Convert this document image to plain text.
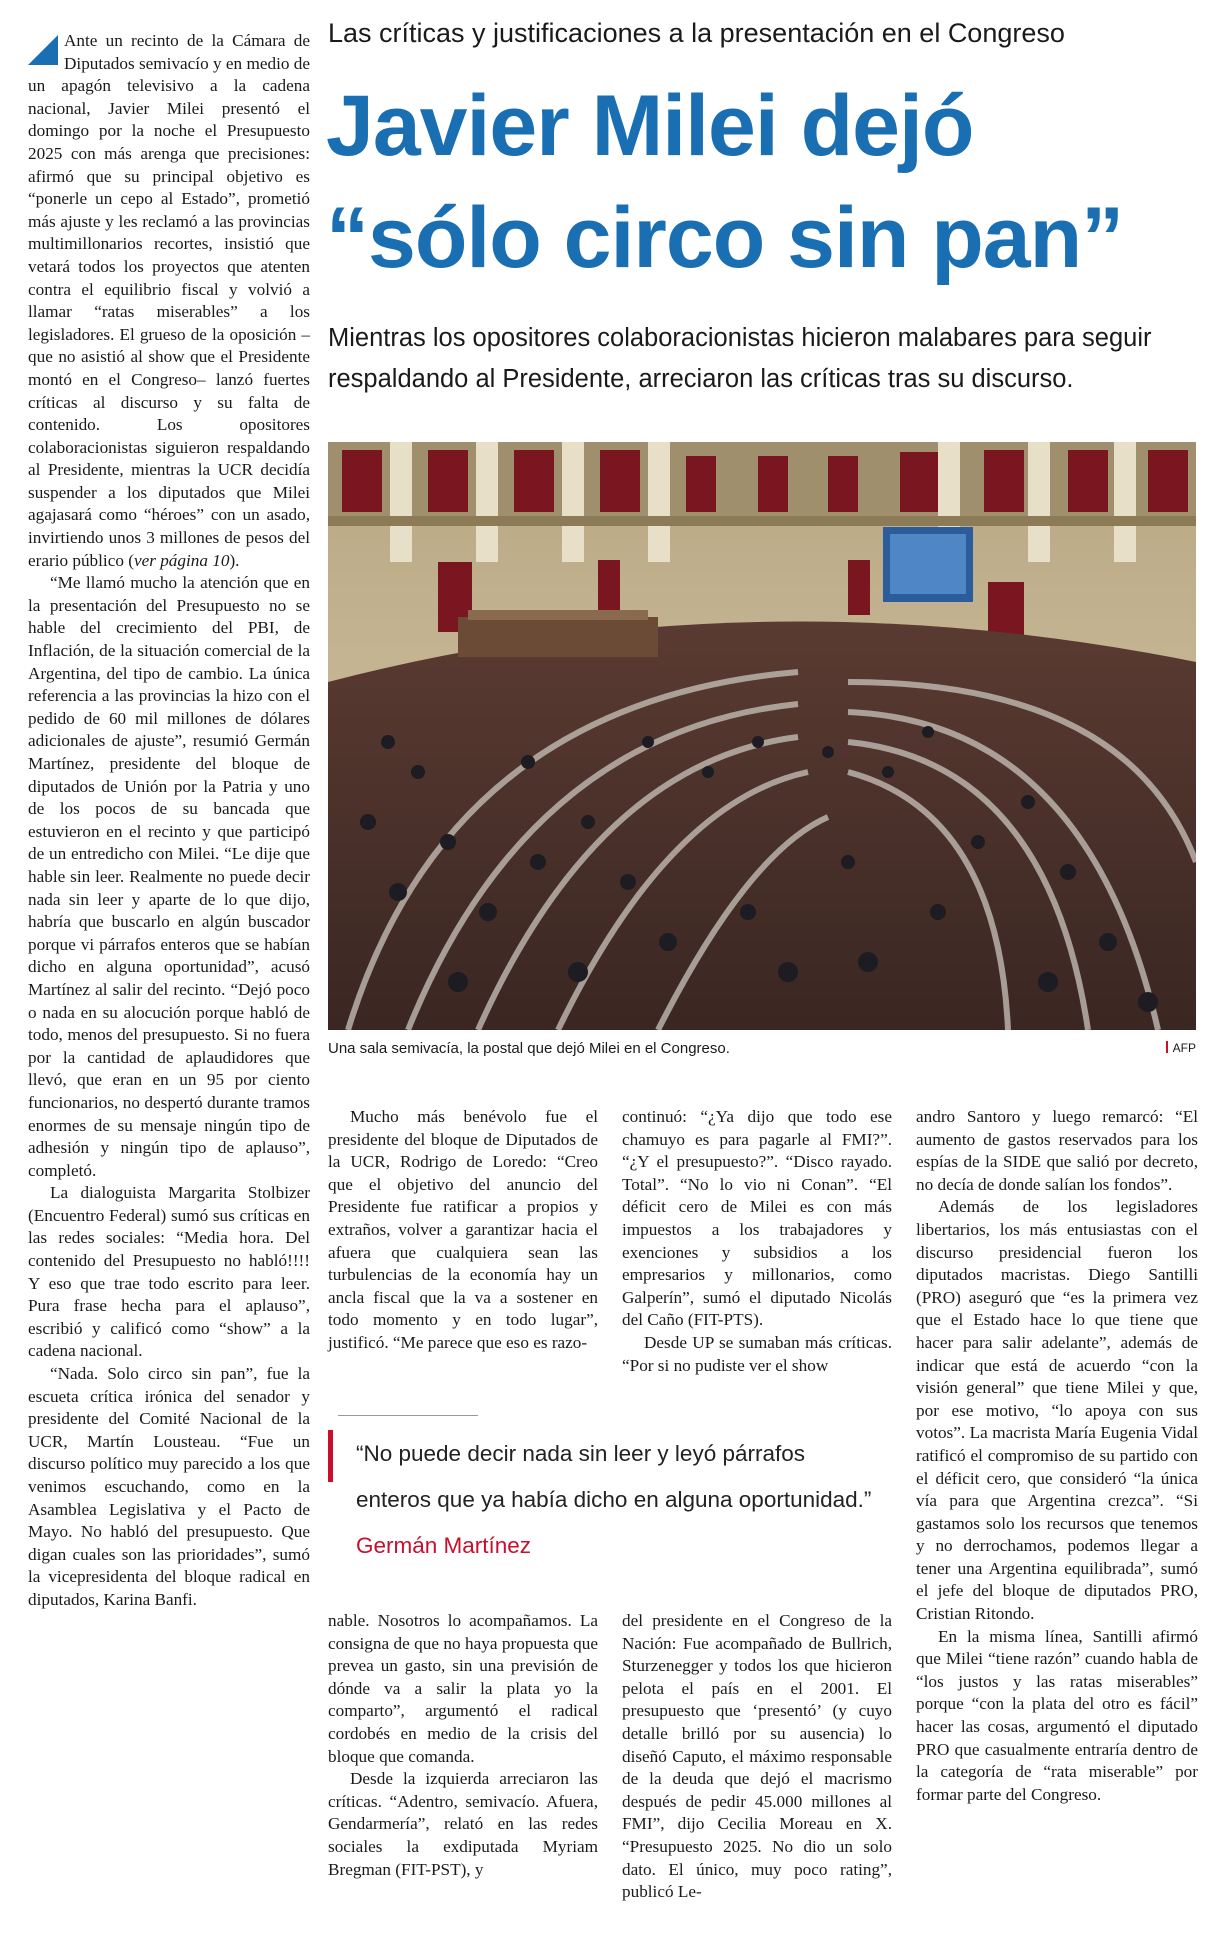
Ante un recinto de la Cámara de Diputados semivacío y en medio de un apagón televisivo a la cadena nacional, Javier Milei presentó el domingo por la noche el Presupuesto 2025 con más arenga que precisiones: afirmó que su principal objetivo es “ponerle un cepo al Estado”, prometió más ajuste y les reclamó a las provincias multimillonarios recortes, insistió que vetará todos los proyectos que atenten contra el equilibrio fiscal y volvió a llamar “ratas miserables” a los legisladores. El grueso de la oposición –que no asistió al show que el Presidente montó en el Congreso– lanzó fuertes críticas al discurso y su falta de contenido. Los opositores colaboracionistas siguieron respaldando al Presidente, mientras la UCR decidía suspender a los diputados que Milei agajasará como “héroes” con un asado, invirtiendo unos 3 millones de pesos del erario público (ver página 10).

“Me llamó mucho la atención que en la presentación del Presupuesto no se hable del crecimiento del PBI, de Inflación, de la situación comercial de la Argentina, del tipo de cambio. La única referencia a las provincias la hizo con el pedido de 60 mil millones de dólares adicionales de ajuste”, resumió Germán Martínez, presidente del bloque de diputados de Unión por la Patria y uno de los pocos de su bancada que estuvieron en el recinto y que participó de un entredicho con Milei. “Le dije que hable sin leer. Realmente no puede decir nada sin leer y aparte de lo que dijo, habría que buscarlo en algún buscador porque vi párrafos enteros que se habían dicho en alguna oportunidad”, acusó Martínez al salir del recinto. “Dejó poco o nada en su alocución porque habló de todo, menos del presupuesto. Si no fuera por la cantidad de aplaudidores que llevó, que eran en un 95 por ciento funcionarios, no despertó durante tramos enormes de su mensaje ningún tipo de adhesión y ningún tipo de aplauso”, completó.

La dialoguista Margarita Stolbizer (Encuentro Federal) sumó sus críticas en las redes sociales: “Media hora. Del contenido del Presupuesto no habló!!!! Y eso que trae todo escrito para leer. Pura frase hecha para el aplauso”, escribió y calificó como “show” a la cadena nacional.

“Nada. Solo circo sin pan”, fue la escueta crítica irónica del senador y presidente del Comité Nacional de la UCR, Martín Lousteau. “Fue un discurso político muy parecido a los que venimos escuchando, como en la Asamblea Legislativa y el Pacto de Mayo. No habló del presupuesto. Que digan cuales son las prioridades”, sumó la vicepresidenta del bloque radical en diputados, Karina Banfi.

Las críticas y justificaciones a la presentación en el Congreso
Javier Milei dejó
“sólo circo sin pan”
Mientras los opositores colaboracionistas hicieron malabares para seguir respaldando al Presidente, arreciaron las críticas tras su discurso.
Una sala semivacía, la postal que dejó Milei en el Congreso.	AFP

Mucho más benévolo fue el presidente del bloque de Diputados de la UCR, Rodrigo de Loredo: “Creo que el objetivo del anuncio del Presidente fue ratificar a propios y extraños, volver a garantizar hacia el afuera que cualquiera sean las turbulencias de la economía hay un ancla fiscal que la va a sostener en todo momento y en todo lugar”, justificó. “Me parece que eso es razo-

continuó: “¿Ya dijo que todo ese chamuyo es para pagarle al FMI?”. “¿Y el presupuesto?”. “Disco rayado. Total”. “No lo vio ni Conan”. “El déficit cero de Milei es con más impuestos a los trabajadores y exenciones y subsidios a los empresarios y millonarios, como Galperín”, sumó el diputado Nicolás del Caño (FIT-PTS).

Desde UP se sumaban más críticas. “Por si no pudiste ver el show

andro Santoro y luego remarcó: “El aumento de gastos reservados para los espías de la SIDE que salió por decreto, no decía de donde salían los fondos”.

Además de los legisladores libertarios, los más entusiastas con el discurso presidencial fueron los diputados macristas. Diego Santilli (PRO) aseguró que “es la primera vez que el Estado hace lo que tiene que hacer para salir adelante”, además de indicar que está de acuerdo “con la visión general” que tiene Milei y que, por ese motivo, “lo apoya con sus votos”. La macrista María Eugenia Vidal ratificó el compromiso de su partido con el déficit cero, que consideró “la única vía para que Argentina crezca”. “Si gastamos solo los recursos que tenemos y no derrochamos, podemos llegar a tener una Argentina equilibrada”, sumó el jefe del bloque de diputados PRO, Cristian Ritondo.

En la misma línea, Santilli afirmó que Milei “tiene razón” cuando habla de “los justos y las ratas miserables” porque “con la plata del otro es fácil” hacer las cosas, argumentó el diputado PRO que casualmente entraría dentro de la categoría de “rata miserable” por formar parte del Congreso.

“No puede decir nada sin leer y leyó párrafos enteros que ya había dicho en alguna oportunidad.” Germán Martínez

nable. Nosotros lo acompañamos. La consigna de que no haya propuesta que prevea un gasto, sin una previsión de dónde va a salir la plata yo la comparto”, argumentó el radical cordobés en medio de la crisis del bloque que comanda.

Desde la izquierda arreciaron las críticas. “Adentro, semivacío. Afuera, Gendarmería”, relató en las redes sociales la exdiputada Myriam Bregman (FIT-PST), y

del presidente en el Congreso de la Nación: Fue acompañado de Bullrich, Sturzenegger y todos los que hicieron pelota el país en el 2001. El presupuesto que ‘presentó’ (y cuyo detalle brilló por su ausencia) lo diseñó Caputo, el máximo responsable de la deuda que dejó el macrismo después de pedir 45.000 millones al FMI”, dijo Cecilia Moreau en X. “Presupuesto 2025. No dio un solo dato. El único, muy poco rating”, publicó Le-
